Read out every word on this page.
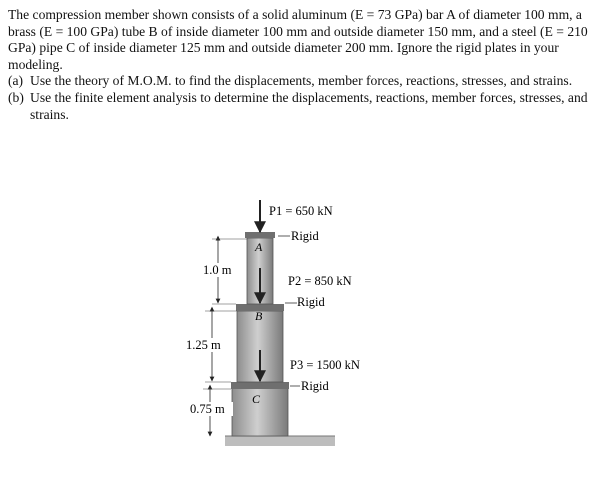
The compression member shown consists of a solid aluminum (E = 73 GPa) bar A of diameter 100 mm, a brass (E = 100 GPa) tube B of inside diameter 100 mm and outside diameter 150 mm, and a steel (E = 210 GPa) pipe C of inside diameter 125 mm and outside diameter 200 mm. Ignore the rigid plates in your modeling.

(a) Use the theory of M.O.M. to find the displacements, member forces, reactions, stresses, and strains.
(b) Use the finite element analysis to determine the displacements, reactions, member forces, stresses, and strains.
A
B
C
P1 = 650 kN
Rigid
P2 = 850 kN
Rigid
P3 = 1500 kN
Rigid
1.0 m
1.25 m
0.75 m
